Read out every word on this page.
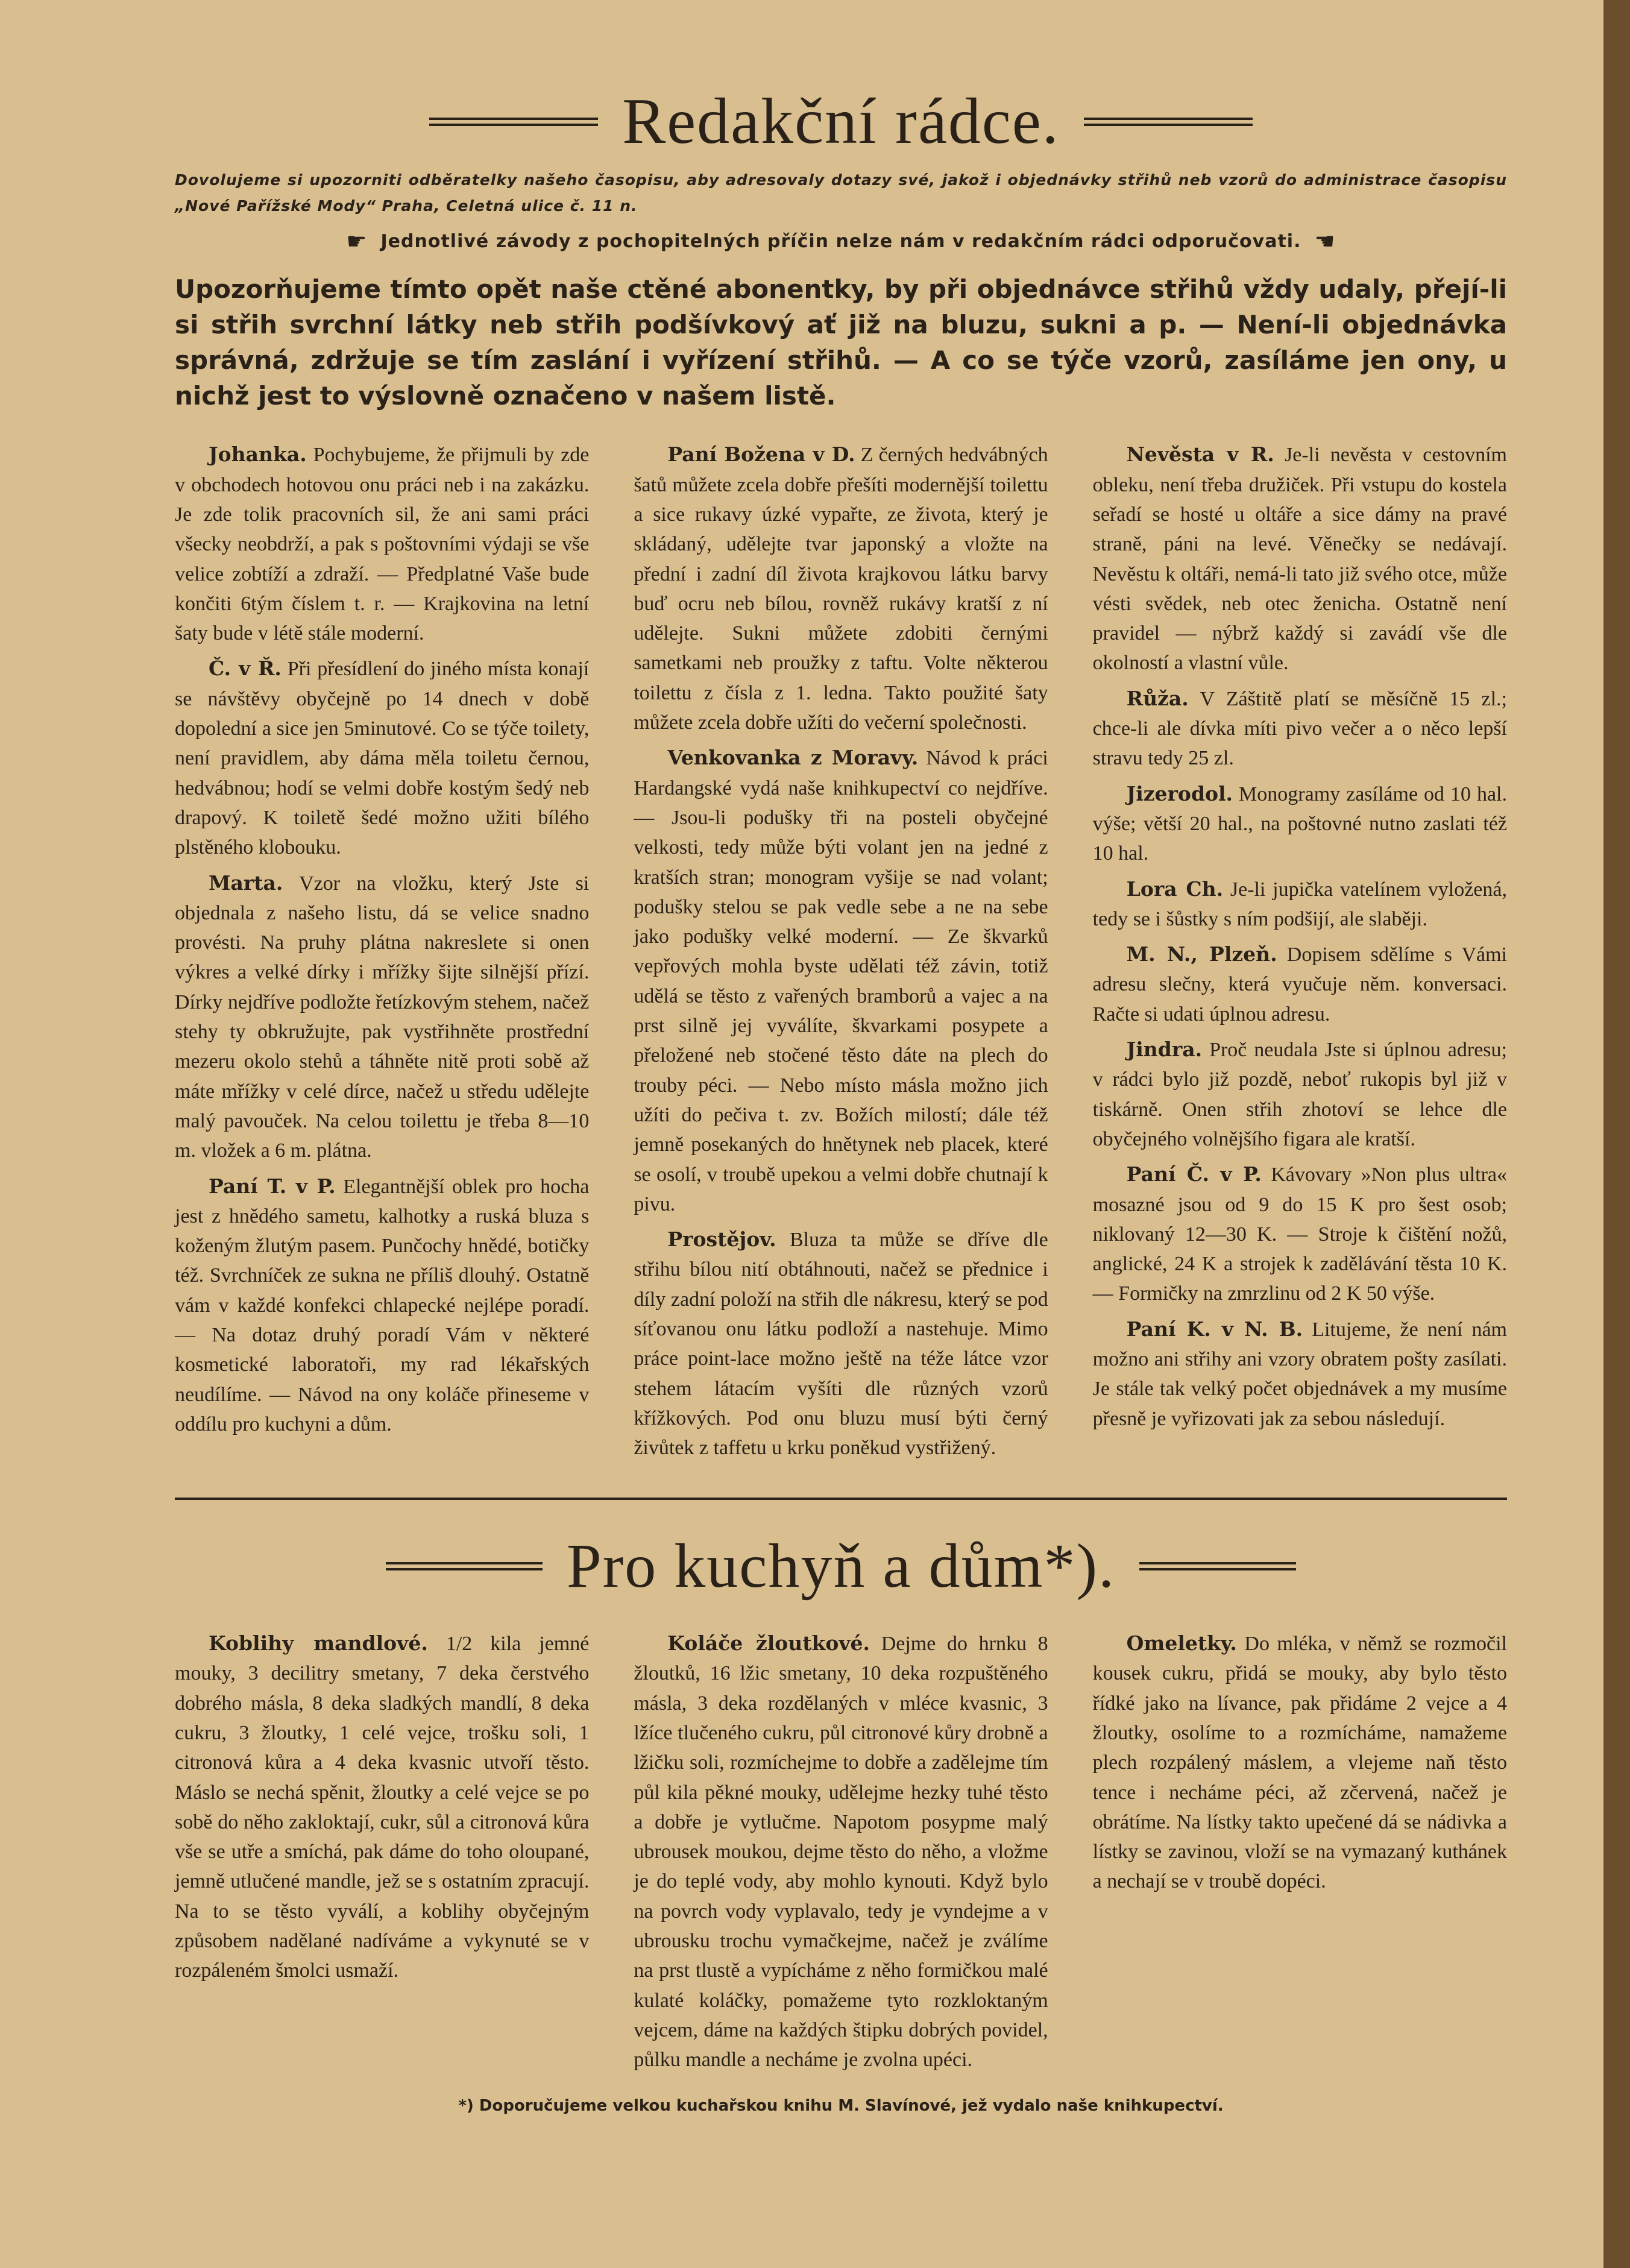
Redakční rádce.

Dovolujeme si upozorniti odběratelky našeho časopisu, aby adresovaly dotazy své, jakož i objednávky střihů neb vzorů do administrace časopisu „Nové Pařížské Mody“ Praha, Celetná ulice č. 11 n.

☛ Jednotlivé závody z pochopitelných příčin nelze nám v redakčním rádci odporučovati. ☚

Upozorňujeme tímto opět naše ctěné abonentky, by při objednávce střihů vždy udaly, přejí-li si střih svrchní látky neb střih podšívkový ať již na bluzu, sukni a p. — Není-li objednávka správná, zdržuje se tím zaslání i vyřízení střihů. — A co se týče vzorů, zasíláme jen ony, u nichž jest to výslovně označeno v našem listě.

Johanka. Pochybujeme, že přijmuli by zde v obchodech hotovou onu práci neb i na zakázku. Je zde tolik pracovních sil, že ani sami práci všecky neobdrží, a pak s poštovními výdaji se vše velice zobtíží a zdraží. — Předplatné Vaše bude končiti 6tým číslem t. r. — Krajkovina na letní šaty bude v létě stále moderní.

Č. v Ř. Při přesídlení do jiného místa konají se návštěvy obyčejně po 14 dnech v době dopolední a sice jen 5minutové. Co se týče toilety, není pravidlem, aby dáma měla toiletu černou, hedvábnou; hodí se velmi dobře kostým šedý neb drapový. K toiletě šedé možno užiti bílého plstěného klobouku.

Marta. Vzor na vložku, který Jste si objednala z našeho listu, dá se velice snadno provésti. Na pruhy plátna nakreslete si onen výkres a velké dírky i mřížky šijte silnější přízí. Dírky nejdříve podložte řetízkovým stehem, načež stehy ty obkružujte, pak vystřihněte prostřední mezeru okolo stehů a táhněte nitě proti sobě až máte mřížky v celé dírce, načež u středu udělejte malý pavouček. Na celou toilettu je třeba 8—10 m. vložek a 6 m. plátna.

Paní T. v P. Elegantnější oblek pro hocha jest z hnědého sametu, kalhotky a ruská bluza s koženým žlutým pasem. Punčochy hnědé, botičky též. Svrchníček ze sukna ne příliš dlouhý. Ostatně vám v každé konfekci chlapecké nejlépe poradí. — Na dotaz druhý poradí Vám v některé kosmetické laboratoři, my rad lékařských neudílíme. — Návod na ony koláče přineseme v oddílu pro kuchyni a dům.

Paní Božena v D. Z černých hedvábných šatů můžete zcela dobře přešíti modernější toilettu a sice rukavy úzké vypařte, ze života, který je skládaný, udělejte tvar japonský a vložte na přední i zadní díl života krajkovou látku barvy buď ocru neb bílou, rovněž rukávy kratší z ní udělejte. Sukni můžete zdobiti černými sametkami neb proužky z taftu. Volte některou toilettu z čísla z 1. ledna. Takto použité šaty můžete zcela dobře užíti do večerní společnosti.

Venkovanka z Moravy. Návod k práci Hardangské vydá naše knihkupectví co nejdříve. — Jsou-li podušky tři na posteli obyčejné velkosti, tedy může býti volant jen na jedné z kratších stran; monogram vyšije se nad volant; podušky stelou se pak vedle sebe a ne na sebe jako podušky velké moderní. — Ze škvarků vepřových mohla byste udělati též závin, totiž udělá se těsto z vařených bramborů a vajec a na prst silně jej vyválíte, škvarkami posypete a přeložené neb stočené těsto dáte na plech do trouby péci. — Nebo místo másla možno jich užíti do pečiva t. zv. Božích milostí; dále též jemně posekaných do hnětynek neb placek, které se osolí, v troubě upekou a velmi dobře chutnají k pivu.

Prostějov. Bluza ta může se dříve dle střihu bílou nití obtáhnouti, načež se přednice i díly zadní položí na střih dle nákresu, který se pod síťovanou onu látku podloží a nastehuje. Mimo práce point-lace možno ještě na téže látce vzor stehem látacím vyšíti dle různých vzorů křížkových. Pod onu bluzu musí býti černý živůtek z taffetu u krku poněkud vystřižený.

Nevěsta v R. Je-li nevěsta v cestovním obleku, není třeba družiček. Při vstupu do kostela seřadí se hosté u oltáře a sice dámy na pravé straně, páni na levé. Věnečky se nedávají. Nevěstu k oltáři, nemá-li tato již svého otce, může vésti svědek, neb otec ženicha. Ostatně není pravidel — nýbrž každý si zavádí vše dle okolností a vlastní vůle.

Růža. V Záštitě platí se měsíčně 15 zl.; chce-li ale dívka míti pivo večer a o něco lepší stravu tedy 25 zl.

Jizerodol. Monogramy zasíláme od 10 hal. výše; větší 20 hal., na poštovné nutno zaslati též 10 hal.

Lora Ch. Je-li jupička vatelínem vyložená, tedy se i šůstky s ním podšijí, ale slaběji.

M. N., Plzeň. Dopisem sdělíme s Vámi adresu slečny, která vyučuje něm. konversaci. Račte si udati úplnou adresu.

Jindra. Proč neudala Jste si úplnou adresu; v rádci bylo již pozdě, neboť rukopis byl již v tiskárně. Onen střih zhotoví se lehce dle obyčejného volnějšího figara ale kratší.

Paní Č. v P. Kávovary »Non plus ultra« mosazné jsou od 9 do 15 K pro šest osob; niklovaný 12—30 K. — Stroje k čištění nožů, anglické, 24 K a strojek k zadělávání těsta 10 K. — Formičky na zmrzlinu od 2 K 50 výše.

Paní K. v N. B. Litujeme, že není nám možno ani střihy ani vzory obratem pošty zasílati. Je stále tak velký počet objednávek a my musíme přesně je vyřizovati jak za sebou následují.

Pro kuchyň a dům*).

Koblihy mandlové. 1/2 kila jemné mouky, 3 decilitry smetany, 7 deka čerstvého dobrého másla, 8 deka sladkých mandlí, 8 deka cukru, 3 žloutky, 1 celé vejce, trošku soli, 1 citronová kůra a 4 deka kvasnic utvoří těsto. Máslo se nechá spěnit, žloutky a celé vejce se po sobě do něho zakloktají, cukr, sůl a citronová kůra vše se utře a smíchá, pak dáme do toho oloupané, jemně utlučené mandle, jež se s ostatním zpracují. Na to se těsto vyválí, a koblihy obyčejným způsobem nadělané nadíváme a vykynuté se v rozpáleném šmolci usmaží.

Koláče žloutkové. Dejme do hrnku 8 žloutků, 16 lžic smetany, 10 deka rozpuštěného másla, 3 deka rozdělaných v mléce kvasnic, 3 lžíce tlučeného cukru, půl citronové kůry drobně a lžičku soli, rozmíchejme to dobře a zadělejme tím půl kila pěkné mouky, udělejme hezky tuhé těsto a dobře je vytlučme. Napotom posypme malý ubrousek moukou, dejme těsto do něho, a vložme je do teplé vody, aby mohlo kynouti. Když bylo na povrch vody vyplavalo, tedy je vyndejme a v ubrousku trochu vymačkejme, načež je zválíme na prst tlustě a vypícháme z něho formičkou malé kulaté koláčky, pomažeme tyto rozkloktaným vejcem, dáme na každých štipku dobrých povidel, půlku mandle a necháme je zvolna upéci.

Omeletky. Do mléka, v němž se rozmočil kousek cukru, přidá se mouky, aby bylo těsto řídké jako na lívance, pak přidáme 2 vejce a 4 žloutky, osolíme to a rozmícháme, namažeme plech rozpálený máslem, a vlejeme naň těsto tence i necháme péci, až zčervená, načež je obrátíme. Na lístky takto upečené dá se nádivka a lístky se zavinou, vloží se na vymazaný kuthánek a nechají se v troubě dopéci.

*) Doporučujeme velkou kuchařskou knihu M. Slavínové, jež vydalo naše knihkupectví.
